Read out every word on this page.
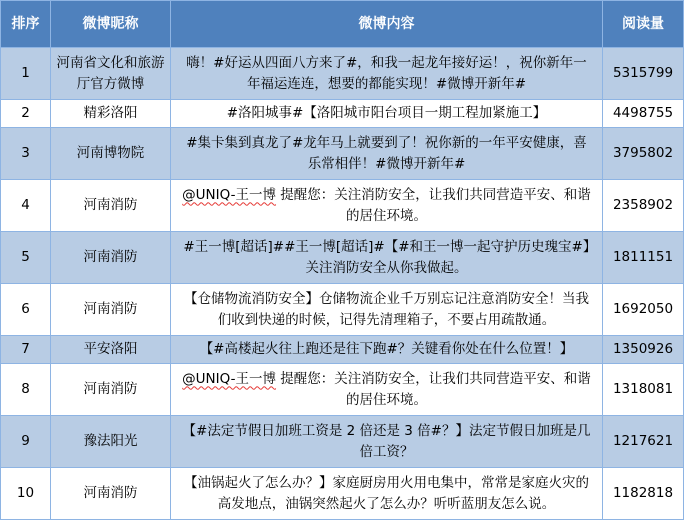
排序	微博昵称	微博内容	阅读量
1	河南省文化和旅游厅官方微博	嗨！#好运从四面八方来了#，和我一起龙年接好运！，祝你新年一年福运连连，想要的都能实现！#微博开新年#	5315799
2	精彩洛阳	#洛阳城事#【洛阳城市阳台项目一期工程加紧施工】	4498755
3	河南博物院	#集卡集到真龙了#龙年马上就要到了！祝你新的一年平安健康，喜乐常相伴！#微博开新年#	3795802
4	河南消防	@UNIQ-王一博 提醒您：关注消防安全，让我们共同营造平安、和谐的居住环境。	2358902
5	河南消防	#王一博[超话]##王一博[超话]#【#和王一博一起守护历史瑰宝#】关注消防安全从你我做起。	1811151
6	河南消防	【仓储物流消防安全】仓储物流企业千万别忘记注意消防安全！当我们收到快递的时候，记得先清理箱子，不要占用疏散通。	1692050
7	平安洛阳	【#高楼起火往上跑还是往下跑#？关键看你处在什么位置！】	1350926
8	河南消防	@UNIQ-王一博 提醒您：关注消防安全，让我们共同营造平安、和谐的居住环境。	1318081
9	豫法阳光	【#法定节假日加班工资是 2 倍还是 3 倍#？】法定节假日加班是几倍工资？	1217621
10	河南消防	【油锅起火了怎么办？】家庭厨房用火用电集中，常常是家庭火灾的高发地点，油锅突然起火了怎么办？听听蓝朋友怎么说。	1182818
